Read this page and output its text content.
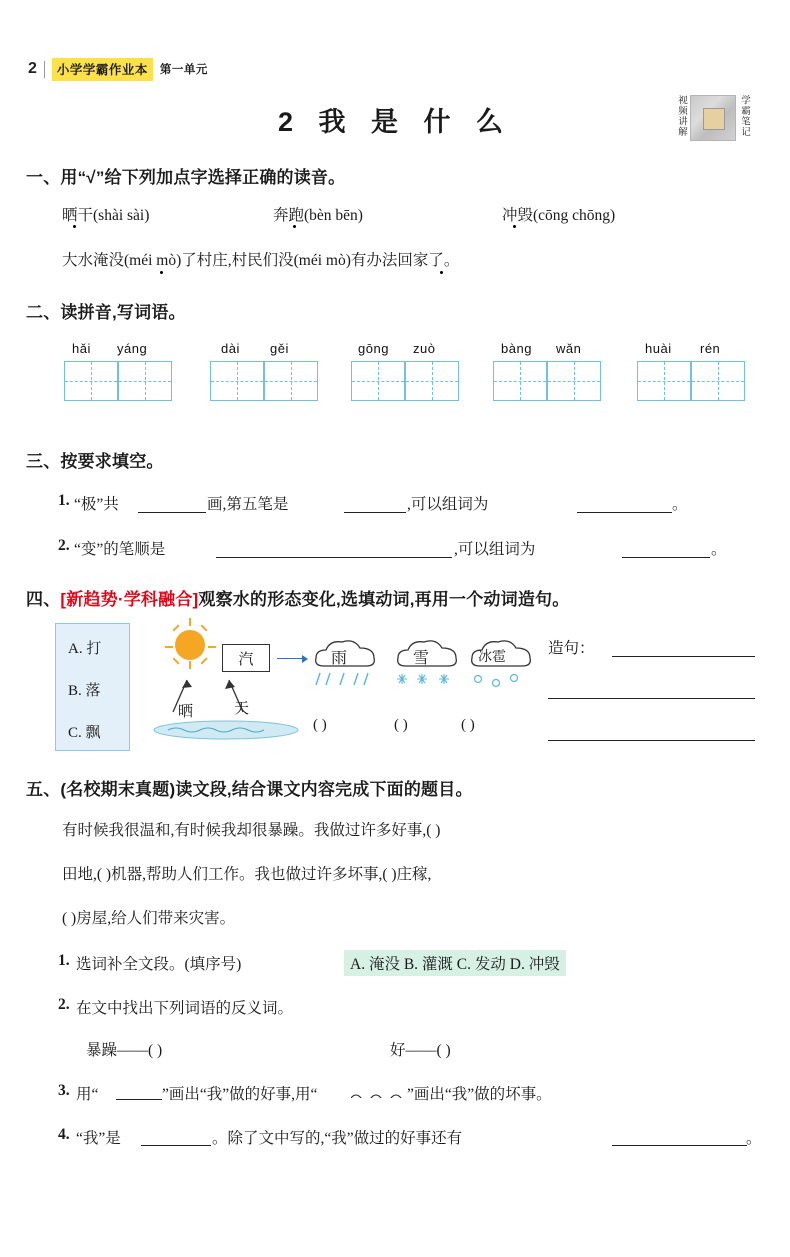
2	小学学霸作业本	第一单元
2 我 是 什 么	视频讲解	学霸笔记
一、用“√”给下列加点字选择正确的读音。
晒干(shài sài)	奔跑(bèn bēn)	冲毁(cōng chōng)
大水淹没(méi mò)了村庄,村民们没(méi mò)有办法回家了。
二、读拼音,写词语。
hǎi yáng	dài gěi	gōng zuò	bàng wǎn	huài rén
三、按要求填空。
1. “极”共	画,第五笔是	,可以组词为	。
2. “变”的笔顺是	,可以组词为	。
四、[新趋势·学科融合]观察水的形态变化,选填动词,再用一个动词造句。
A. 打
B. 落
C. 飘
汽	雨	雪	冰雹
晒	天
( )	( )	( )
造句：
五、(名校期末真题)读文段,结合课文内容完成下面的题目。
有时候我很温和,有时候我却很暴躁。我做过许多好事,( )
田地,( )机器,帮助人们工作。我也做过许多坏事,( )庄稼,
( )房屋,给人们带来灾害。
1. 选词补全文段。(填序号)	A. 淹没 B. 灌溉 C. 发动 D. 冲毁
2. 在文中找出下列词语的反义词。
暴躁——( )	好——( )
3. 用“	”画出“我”做的好事,用“	”画出“我”做的坏事。
4. “我”是	。除了文中写的,“我”做过的好事还有	。
